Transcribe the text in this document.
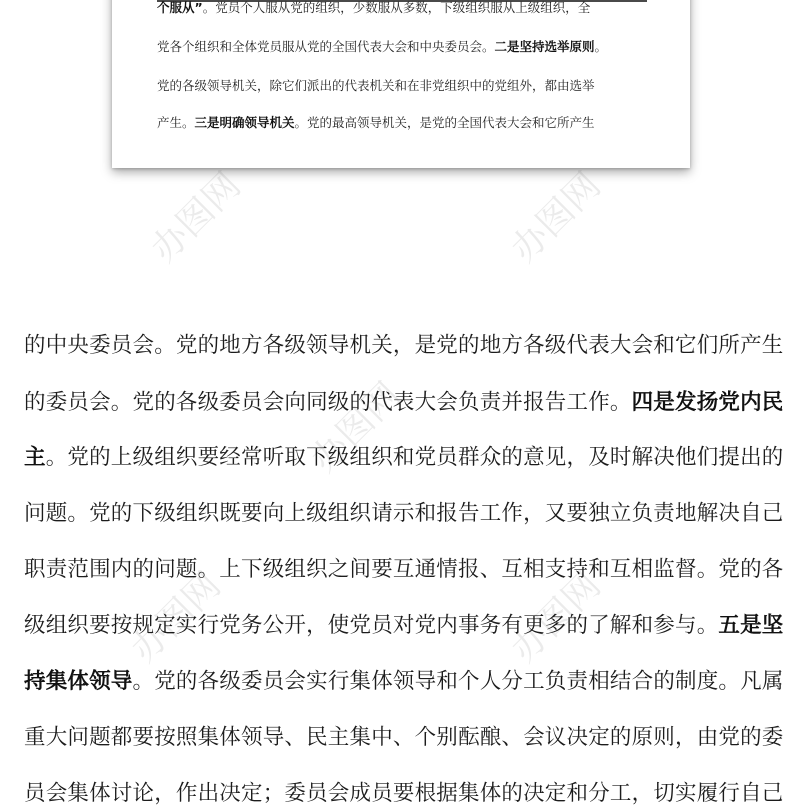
个服从”。党员个人服从党的组织，少数服从多数，下级组织服从上级组织，全
党各个组织和全体党员服从党的全国代表大会和中央委员会。二是坚持选举原则。
党的各级领导机关，除它们派出的代表机关和在非党组织中的党组外，都由选举
产生。三是明确领导机关。党的最高领导机关，是党的全国代表大会和它所产生
的中央委员会。党的地方各级领导机关，是党的地方各级代表大会和它们所产生
的委员会。党的各级委员会向同级的代表大会负责并报告工作。四是发扬党内民
主。党的上级组织要经常听取下级组织和党员群众的意见，及时解决他们提出的
问题。党的下级组织既要向上级组织请示和报告工作，又要独立负责地解决自己
职责范围内的问题。上下级组织之间要互通情报、互相支持和互相监督。党的各
级组织要按规定实行党务公开，使党员对党内事务有更多的了解和参与。五是坚
持集体领导。党的各级委员会实行集体领导和个人分工负责相结合的制度。凡属
重大问题都要按照集体领导、民主集中、个别酝酿、会议决定的原则，由党的委
员会集体讨论，作出决定；委员会成员要根据集体的决定和分工，切实履行自己
办图网	办图网
办图网
办图网	办图网
